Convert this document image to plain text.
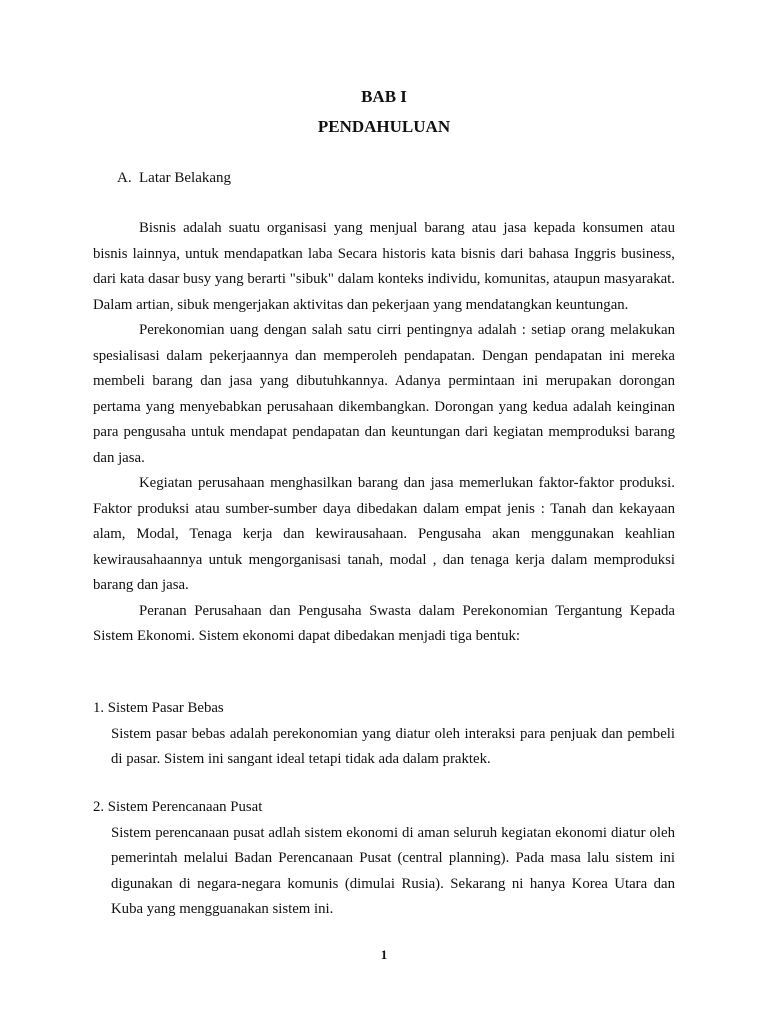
BAB I
PENDAHULUAN
A. Latar Belakang

Bisnis adalah suatu organisasi yang menjual barang atau jasa kepada konsumen atau bisnis lainnya, untuk mendapatkan laba Secara historis kata bisnis dari bahasa Inggris business, dari kata dasar busy yang berarti "sibuk" dalam konteks individu, komunitas, ataupun masyarakat. Dalam artian, sibuk mengerjakan aktivitas dan pekerjaan yang mendatangkan keuntungan.

Perekonomian uang dengan salah satu cirri pentingnya adalah : setiap orang melakukan spesialisasi dalam pekerjaannya dan memperoleh pendapatan. Dengan pendapatan ini mereka membeli barang dan jasa yang dibutuhkannya. Adanya permintaan ini merupakan dorongan pertama yang menyebabkan perusahaan dikembangkan. Dorongan yang kedua adalah keinginan para pengusaha untuk mendapat pendapatan dan keuntungan dari kegiatan memproduksi barang dan jasa.

Kegiatan perusahaan menghasilkan barang dan jasa memerlukan faktor-faktor produksi. Faktor produksi atau sumber-sumber daya dibedakan dalam empat jenis : Tanah dan kekayaan alam, Modal, Tenaga kerja dan kewirausahaan. Pengusaha akan menggunakan keahlian kewirausahaannya untuk mengorganisasi tanah, modal , dan tenaga kerja dalam memproduksi barang dan jasa.

Peranan Perusahaan dan Pengusaha Swasta dalam Perekonomian Tergantung Kepada Sistem Ekonomi. Sistem ekonomi dapat dibedakan menjadi tiga bentuk:

1. Sistem Pasar Bebas

Sistem pasar bebas adalah perekonomian yang diatur oleh interaksi para penjuak dan pembeli di pasar. Sistem ini sangant ideal tetapi tidak ada dalam praktek.

2. Sistem Perencanaan Pusat

Sistem perencanaan pusat adlah sistem ekonomi di aman seluruh kegiatan ekonomi diatur oleh pemerintah melalui Badan Perencanaan Pusat (central planning). Pada masa lalu sistem ini digunakan di negara-negara komunis (dimulai Rusia). Sekarang ni hanya Korea Utara dan Kuba yang mengguanakan sistem ini.

1
